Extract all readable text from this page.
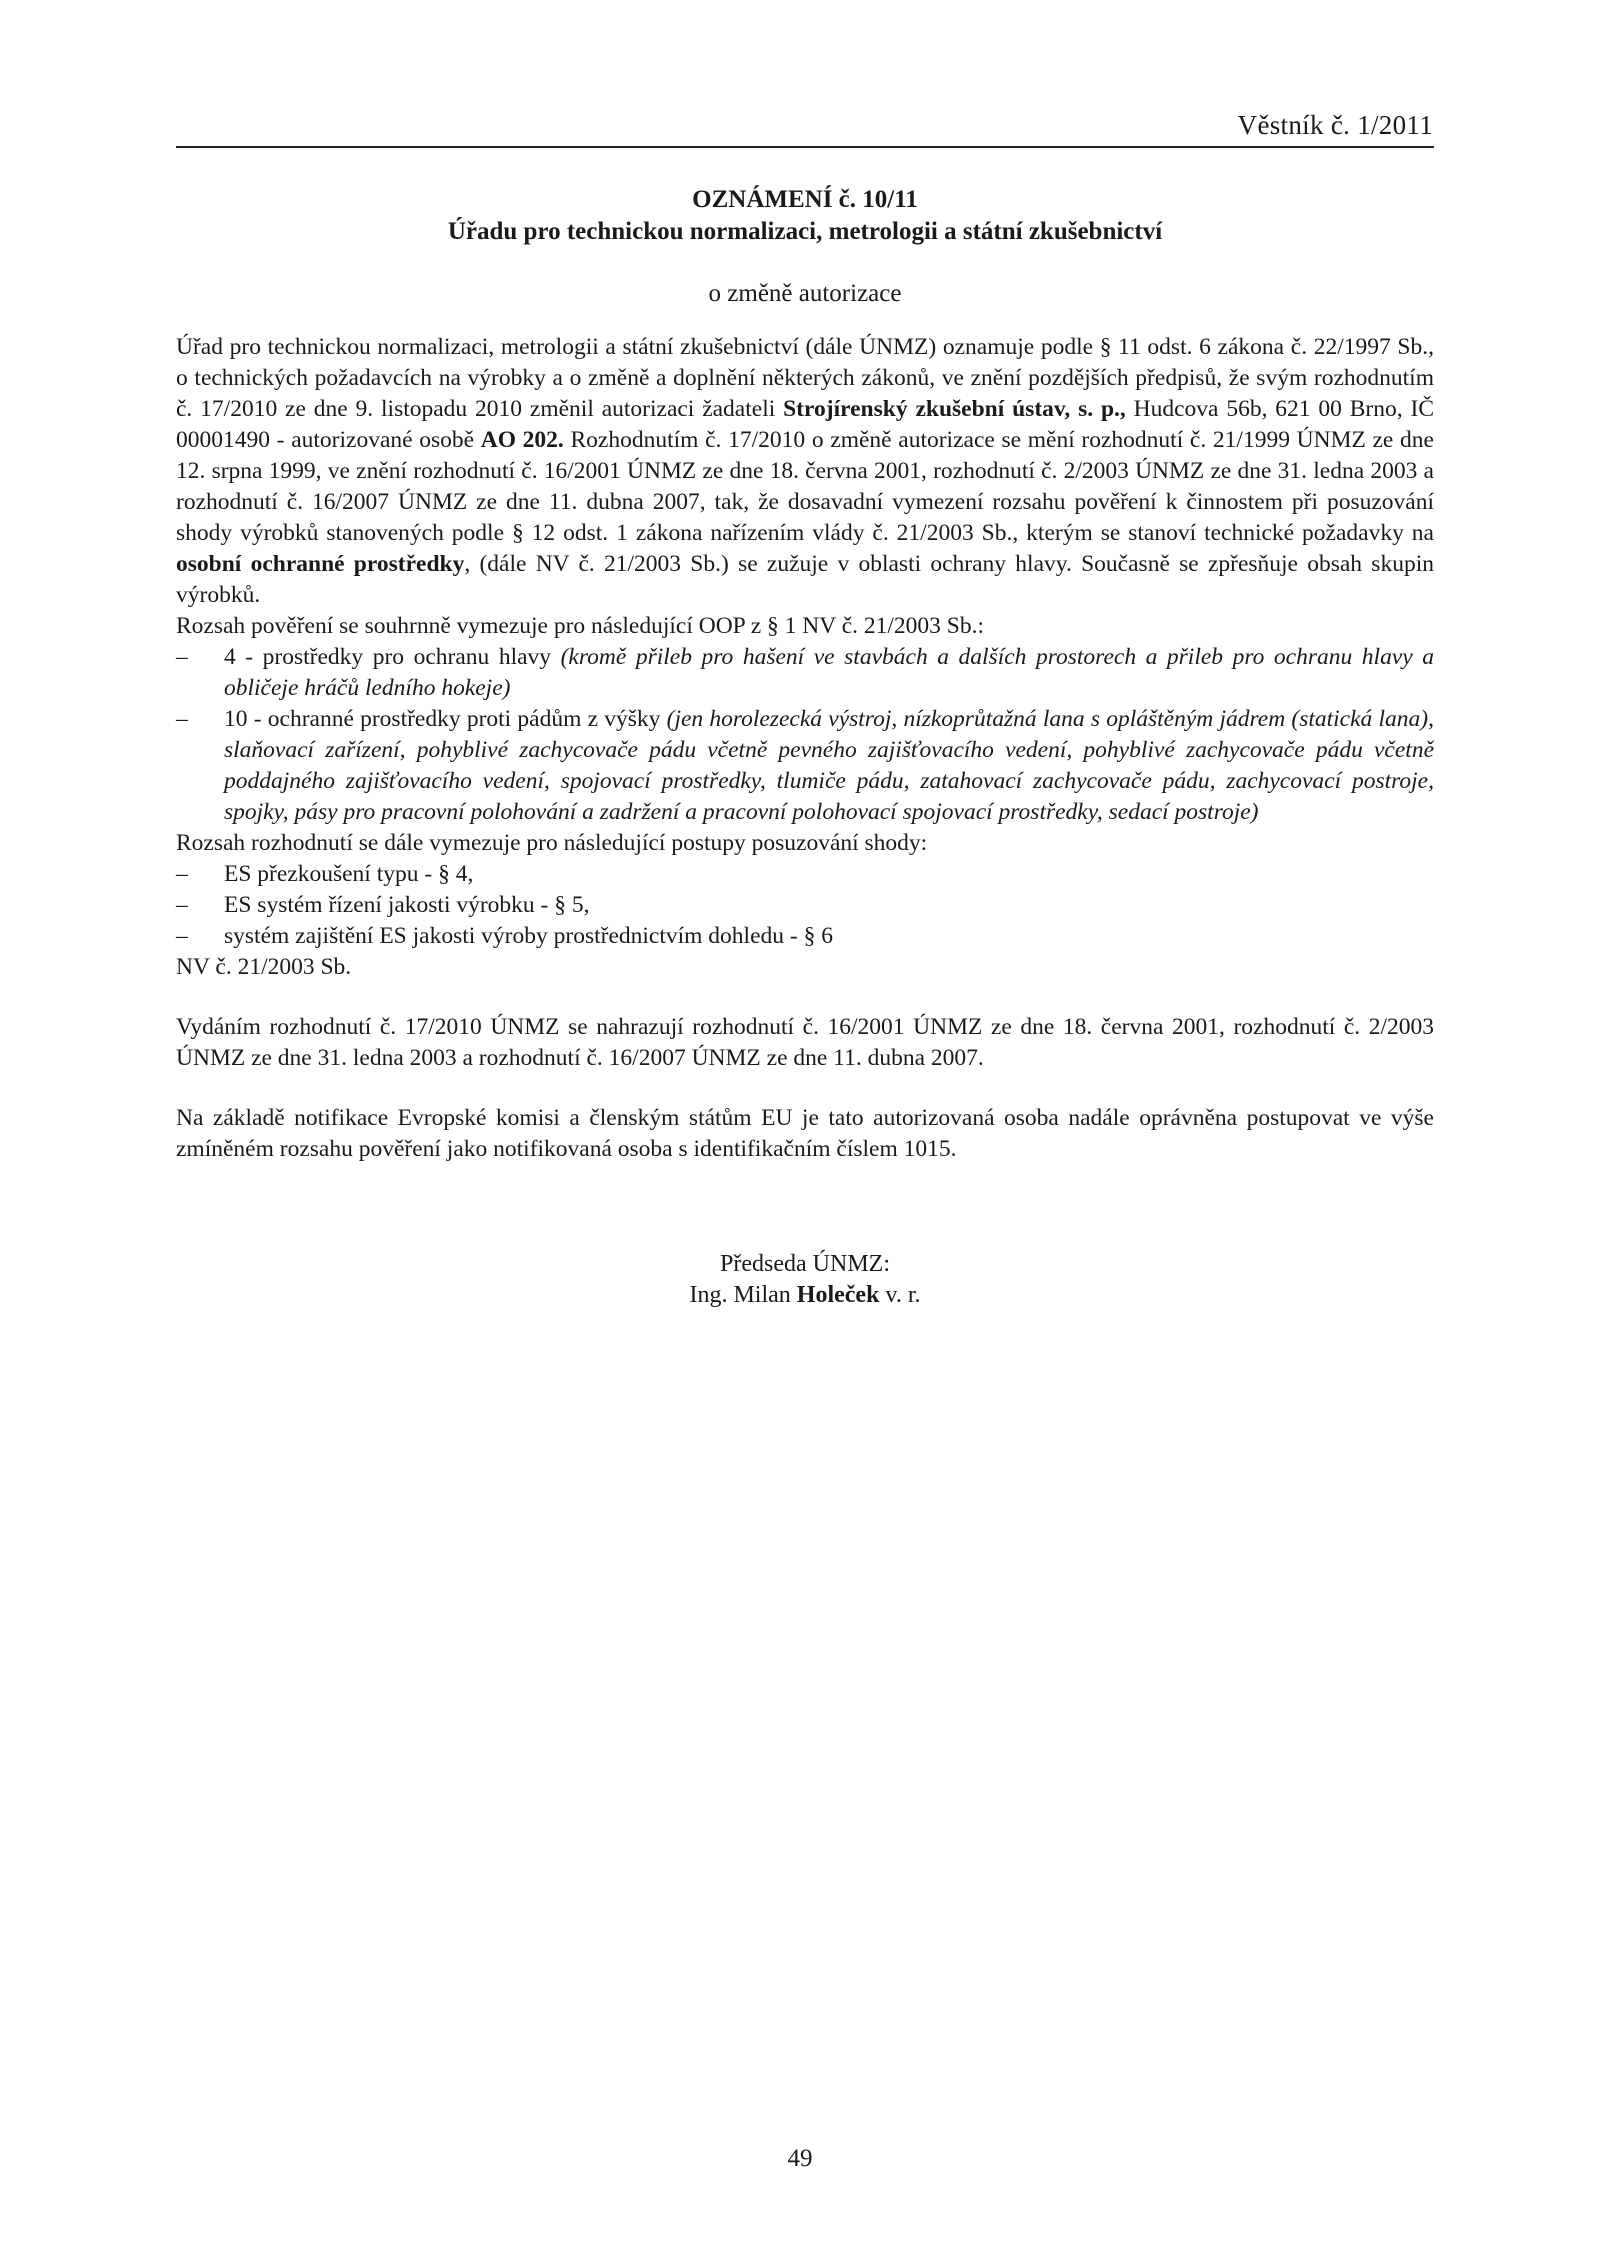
Věstník č. 1/2011
OZNÁMENÍ č. 10/11
Úřadu pro technickou normalizaci, metrologii a státní zkušebnictví
o změně autorizace

Úřad pro technickou normalizaci, metrologii a státní zkušebnictví (dále ÚNMZ) oznamuje podle § 11 odst. 6 zákona č. 22/1997 Sb., o technických požadavcích na výrobky a o změně a doplnění některých zákonů, ve znění pozdějších předpisů, že svým rozhodnutím č. 17/2010 ze dne 9. listopadu 2010 změnil autorizaci žadateli Strojírenský zkušební ústav, s. p., Hudcova 56b, 621 00 Brno, IČ 00001490 - autorizované osobě AO 202. Rozhodnutím č. 17/2010 o změně autorizace se mění rozhodnutí č. 21/1999 ÚNMZ ze dne 12. srpna 1999, ve znění rozhodnutí č. 16/2001 ÚNMZ ze dne 18. června 2001, rozhodnutí č. 2/2003 ÚNMZ ze dne 31. ledna 2003 a rozhodnutí č. 16/2007 ÚNMZ ze dne 11. dubna 2007, tak, že dosavadní vymezení rozsahu pověření k činnostem při posuzování shody výrobků stanovených podle § 12 odst. 1 zákona nařízením vlády č. 21/2003 Sb., kterým se stanoví technické požadavky na osobní ochranné prostředky, (dále NV č. 21/2003 Sb.) se zužuje v oblasti ochrany hlavy. Současně se zpřesňuje obsah skupin výrobků.

Rozsah pověření se souhrnně vymezuje pro následující OOP z § 1 NV č. 21/2003 Sb.:

–	4 - prostředky pro ochranu hlavy (kromě přileb pro hašení ve stavbách a dalších prostorech a přileb pro ochranu hlavy a obličeje hráčů ledního hokeje)
–	10 - ochranné prostředky proti pádům z výšky (jen horolezecká výstroj, nízkoprůtažná lana s opláštěným jádrem (statická lana), slaňovací zařízení, pohyblivé zachycovače pádu včetně pevného zajišťovacího vedení, pohyblivé zachycovače pádu včetně poddajného zajišťovacího vedení, spojovací prostředky, tlumiče pádu, zatahovací zachycovače pádu, zachycovací postroje, spojky, pásy pro pracovní polohování a zadržení a pracovní polohovací spojovací prostředky, sedací postroje)

Rozsah rozhodnutí se dále vymezuje pro následující postupy posuzování shody:

–	ES přezkoušení typu - § 4,
–	ES systém řízení jakosti výrobku - § 5,
–	systém zajištění ES jakosti výroby prostřednictvím dohledu - § 6

NV č. 21/2003 Sb.

Vydáním rozhodnutí č. 17/2010 ÚNMZ se nahrazují rozhodnutí č. 16/2001 ÚNMZ ze dne 18. června 2001, rozhodnutí č. 2/2003 ÚNMZ ze dne 31. ledna 2003 a rozhodnutí č. 16/2007 ÚNMZ ze dne 11. dubna 2007.

Na základě notifikace Evropské komisi a členským státům EU je tato autorizovaná osoba nadále oprávněna postupovat ve výše zmíněném rozsahu pověření jako notifikovaná osoba s identifikačním číslem 1015.

Předseda ÚNMZ:
Ing. Milan Holeček v. r.
49
